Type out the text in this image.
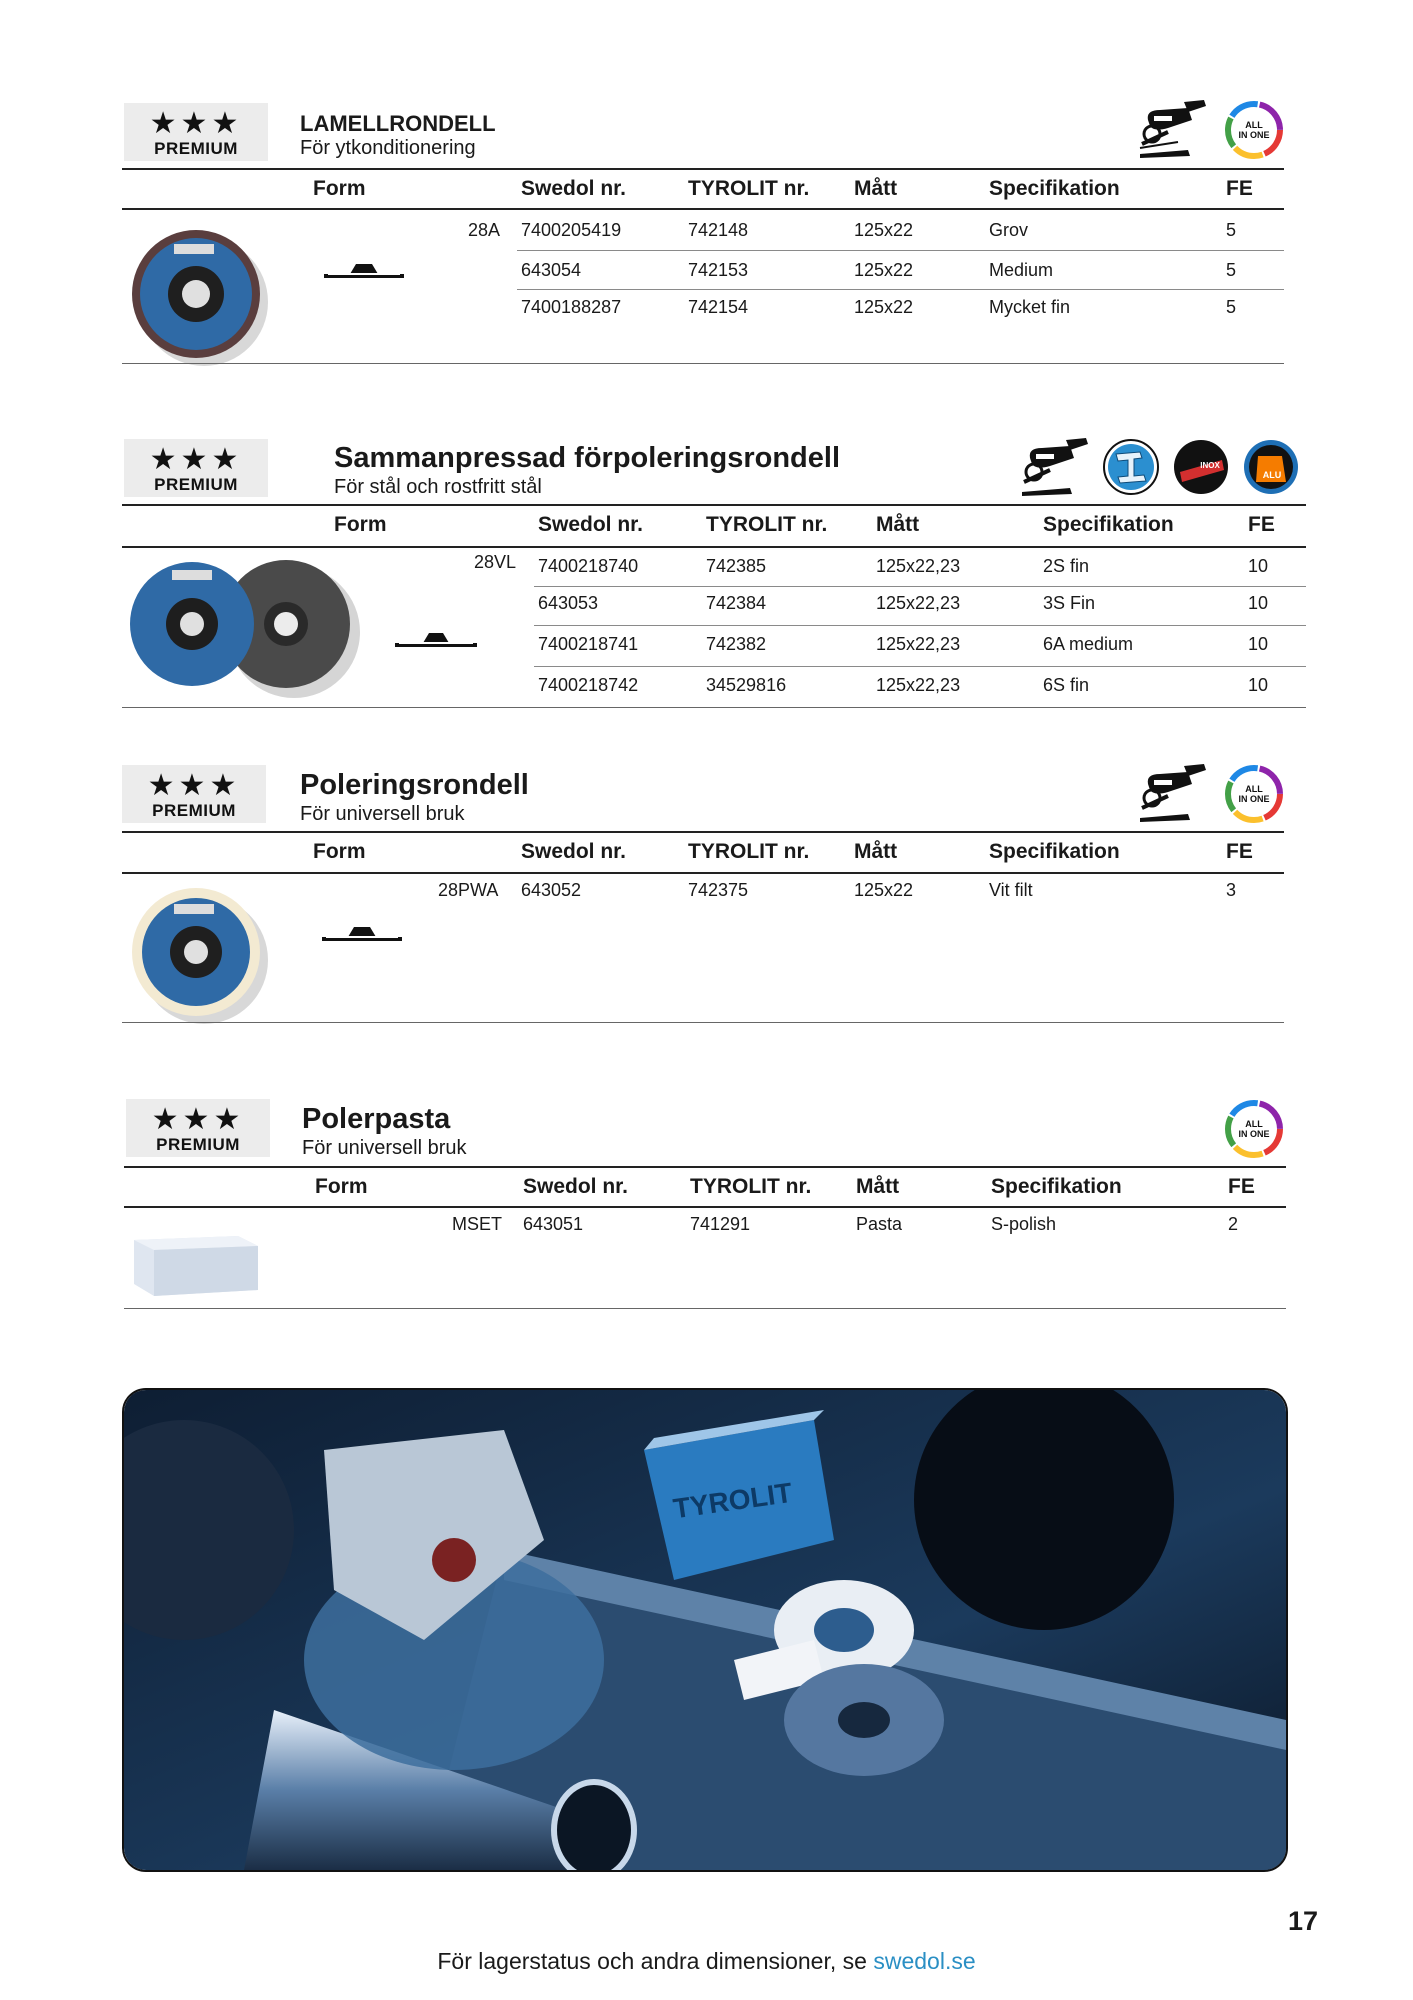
★★★
PREMIUM
LAMELLRONDELL
För ytkonditionering

ALL
IN ONE
Form	Swedol nr.	TYROLIT nr. Mått	Specifikation	FE
28A 7400205419	742148	125x22	Grov	5
643054	742153	125x22	Medium	5
7400188287	742154	125x22	Mycket fin	5
★★★
PREMIUM
Sammanpressad förpoleringsrondell
För stål och rostfritt stål
INOX
ALU
Form	Swedol nr.	TYROLIT nr. Mått	Specifikation	FE
28VL 7400218740	742385	125x22,23	2S fin	10
643053	742384	125x22,23	3S Fin	10
7400218741	742382	125x22,23	6A medium	10
7400218742	34529816	125x22,23	6S fin	10
★★★
PREMIUM
Poleringsrondell
För universell bruk

ALL
IN ONE
Form	Swedol nr.	TYROLIT nr. Mått	Specifikation	FE
28PWA 643052	742375	125x22	Vit filt	3
★★★
PREMIUM
Polerpasta
För universell bruk
ALL
IN ONE
Form	Swedol nr.	TYROLIT nr. Mått	Specifikation	FE
MSET 643051	741291	Pasta	S-polish	2
TYROLIT
17
För lagerstatus och andra dimensioner, se swedol.se
